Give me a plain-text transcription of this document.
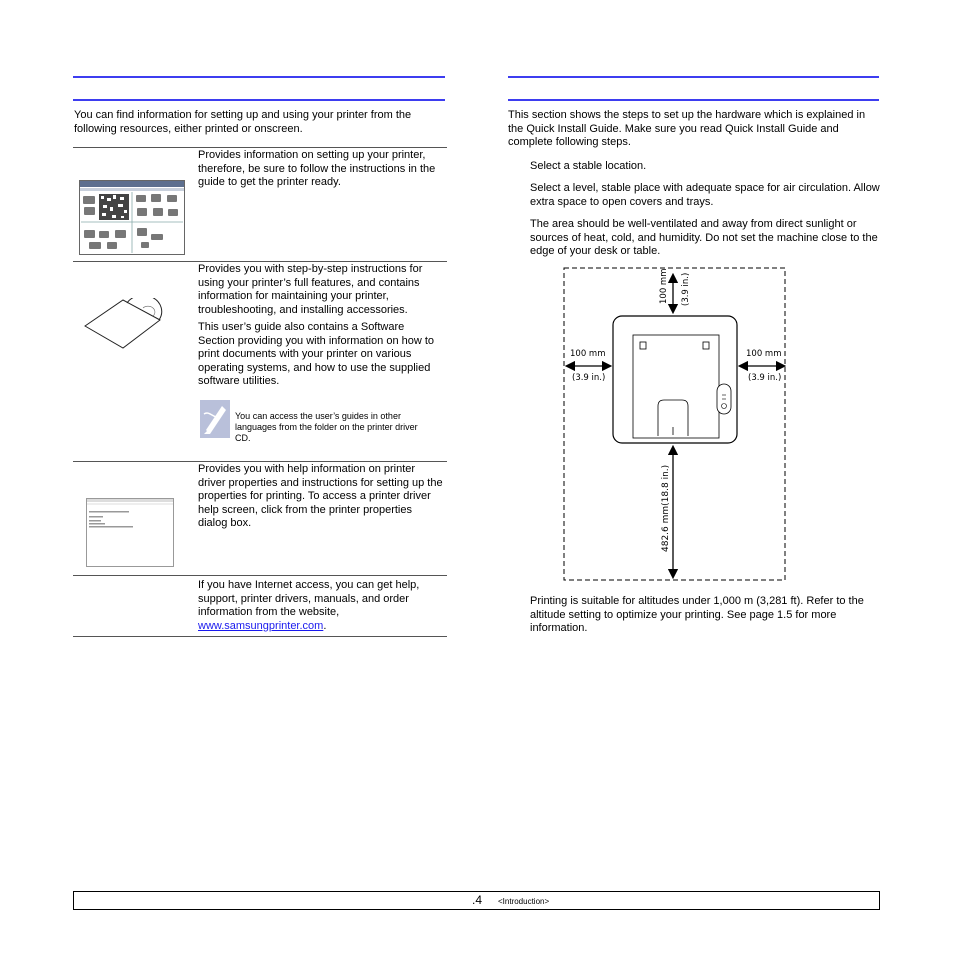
You can find information for setting up and using your printer from the following resources, either printed or onscreen.
Provides information on setting up your printer, therefore, be sure to follow the instructions in the guide to get the printer ready.
Provides you with step-by-step instructions for using your printer’s full features, and contains information for maintaining your printer, troubleshooting, and installing accessories.
This user’s guide also contains a Software Section providing you with information on how to print documents with your printer on various operating systems, and how to use the supplied software utilities.
You can access the user’s guides in other languages from the folder on the printer driver CD.
Provides you with help information on printer driver properties and instructions for setting up the properties for printing. To access a printer driver help screen, click from the printer properties dialog box.
If you have Internet access, you can get help, support, printer drivers, manuals, and order information from the website, www.samsungprinter.com.
This section shows the steps to set up the hardware which is explained in the Quick Install Guide. Make sure you read Quick Install Guide and complete following steps.
Select a stable location.
Select a level, stable place with adequate space for air circulation. Allow extra space to open covers and trays.
The area should be well-ventilated and away from direct sunlight or sources of heat, cold, and humidity. Do not set the machine close to the edge of your desk or table.
100 mm (3.9 in.)
100 mm
(3.9 in.)
100 mm
(3.9 in.)
482.6 mm(18.8 in.)
Printing is suitable for altitudes under 1,000 m (3,281 ft). Refer to the altitude setting to optimize your printing. See page 1.5 for more information.
.4 <Introduction>
